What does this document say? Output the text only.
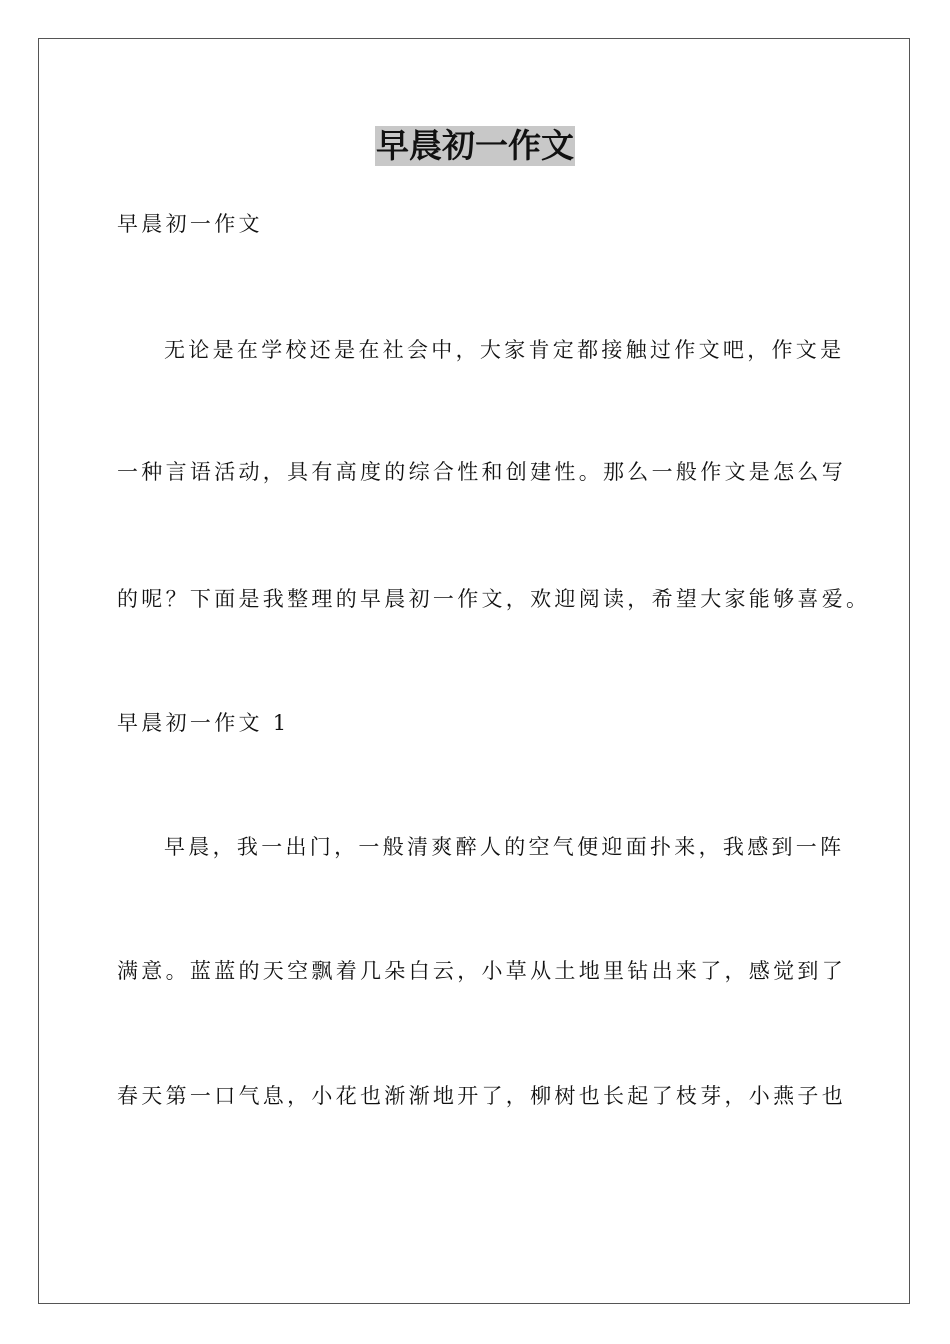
早晨初一作文
早晨初一作文
无论是在学校还是在社会中，大家肯定都接触过作文吧，作文是
一种言语活动，具有高度的综合性和创建性。那么一般作文是怎么写
的呢？下面是我整理的早晨初一作文，欢迎阅读，希望大家能够喜爱。
早晨初一作文 1
早晨，我一出门，一般清爽醉人的空气便迎面扑来，我感到一阵
满意。蓝蓝的天空飘着几朵白云，小草从土地里钻出来了，感觉到了
春天第一口气息，小花也渐渐地开了，柳树也长起了枝芽，小燕子也
